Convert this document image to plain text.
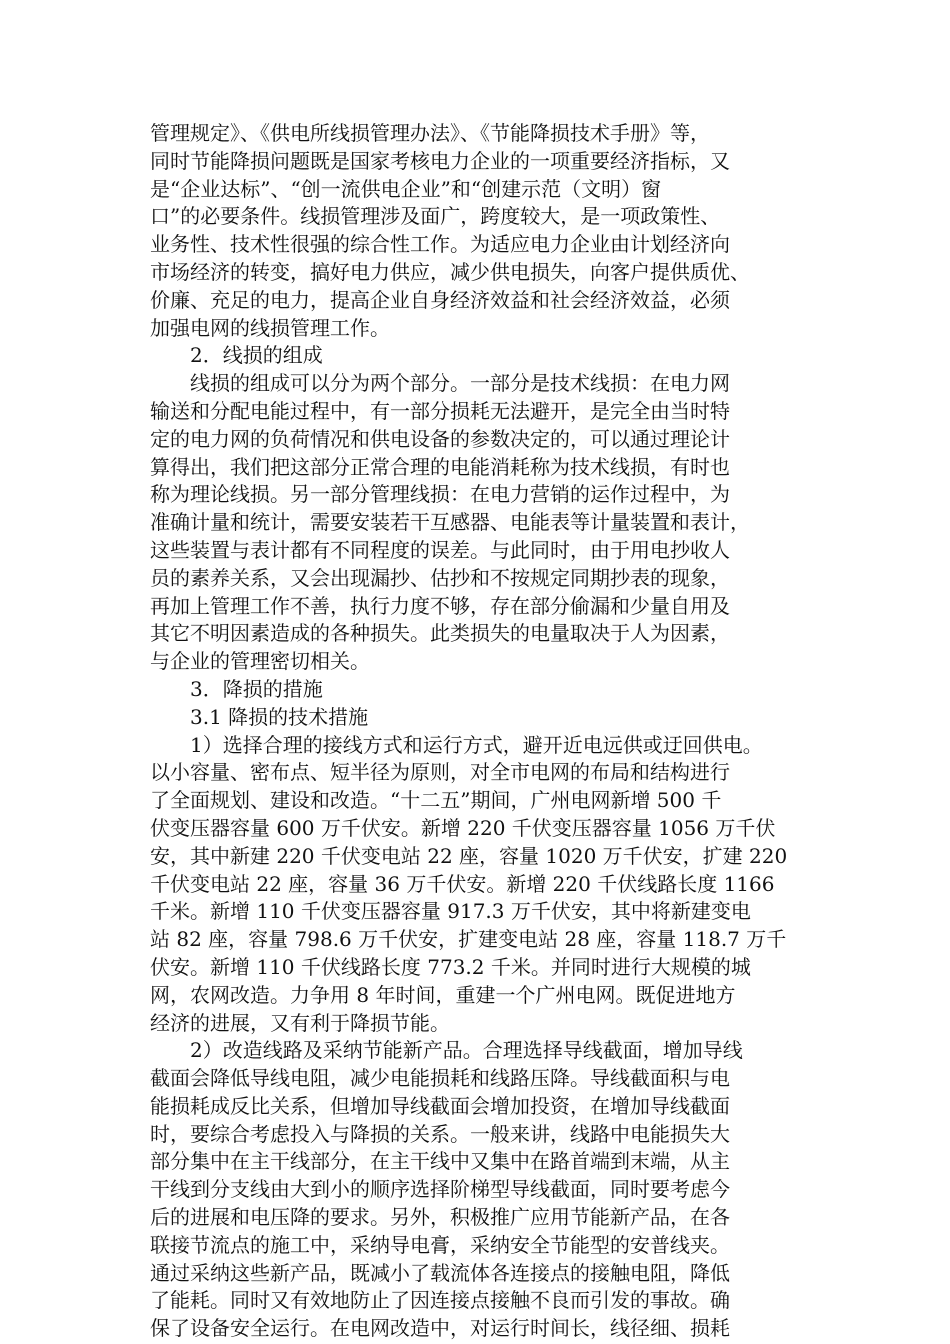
管理规定》、《供电所线损管理办法》、《节能降损技术手册》等，
同时节能降损问题既是国家考核电力企业的一项重要经济指标，又
是“企业达标”、“创一流供电企业”和“创建示范（文明）窗
口”的必要条件。线损管理涉及面广，跨度较大，是一项政策性、
业务性、技术性很强的综合性工作。为适应电力企业由计划经济向
市场经济的转变，搞好电力供应，减少供电损失，向客户提供质优、
价廉、充足的电力，提高企业自身经济效益和社会经济效益，必须
加强电网的线损管理工作。
　　2．线损的组成
　　线损的组成可以分为两个部分。一部分是技术线损：在电力网
输送和分配电能过程中，有一部分损耗无法避开，是完全由当时特
定的电力网的负荷情况和供电设备的参数决定的，可以通过理论计
算得出，我们把这部分正常合理的电能消耗称为技术线损，有时也
称为理论线损。另一部分管理线损：在电力营销的运作过程中，为
准确计量和统计，需要安装若干互感器、电能表等计量装置和表计，
这些装置与表计都有不同程度的误差。与此同时，由于用电抄收人
员的素养关系，又会出现漏抄、估抄和不按规定同期抄表的现象，
再加上管理工作不善，执行力度不够，存在部分偷漏和少量自用及
其它不明因素造成的各种损失。此类损失的电量取决于人为因素，
与企业的管理密切相关。
　　3．降损的措施
　　3.1 降损的技术措施
　　1）选择合理的接线方式和运行方式，避开近电远供或迂回供电。
以小容量、密布点、短半径为原则，对全市电网的布局和结构进行
了全面规划、建设和改造。“十二五”期间，广州电网新增 500 千
伏变压器容量 600 万千伏安。新增 220 千伏变压器容量 1056 万千伏
安，其中新建 220 千伏变电站 22 座，容量 1020 万千伏安，扩建 220
千伏变电站 22 座，容量 36 万千伏安。新增 220 千伏线路长度 1166
千米。新增 110 千伏变压器容量 917.3 万千伏安，其中将新建变电
站 82 座，容量 798.6 万千伏安，扩建变电站 28 座，容量 118.7 万千
伏安。新增 110 千伏线路长度 773.2 千米。并同时进行大规模的城
网，农网改造。力争用 8 年时间，重建一个广州电网。既促进地方
经济的进展，又有利于降损节能。
　　2）改造线路及采纳节能新产品。合理选择导线截面，增加导线
截面会降低导线电阻，减少电能损耗和线路压降。导线截面积与电
能损耗成反比关系，但增加导线截面会增加投资，在增加导线截面
时，要综合考虑投入与降损的关系。一般来讲，线路中电能损失大
部分集中在主干线部分，在主干线中又集中在路首端到末端，从主
干线到分支线由大到小的顺序选择阶梯型导线截面，同时要考虑今
后的进展和电压降的要求。另外，积极推广应用节能新产品，在各
联接节流点的施工中，采纳导电膏，采纳安全节能型的安普线夹。
通过采纳这些新产品，既减小了载流体各连接点的接触电阻，降低
了能耗。同时又有效地防止了因连接点接触不良而引发的事故。确
保了设备安全运行。在电网改造中，对运行时间长，线径细、损耗
